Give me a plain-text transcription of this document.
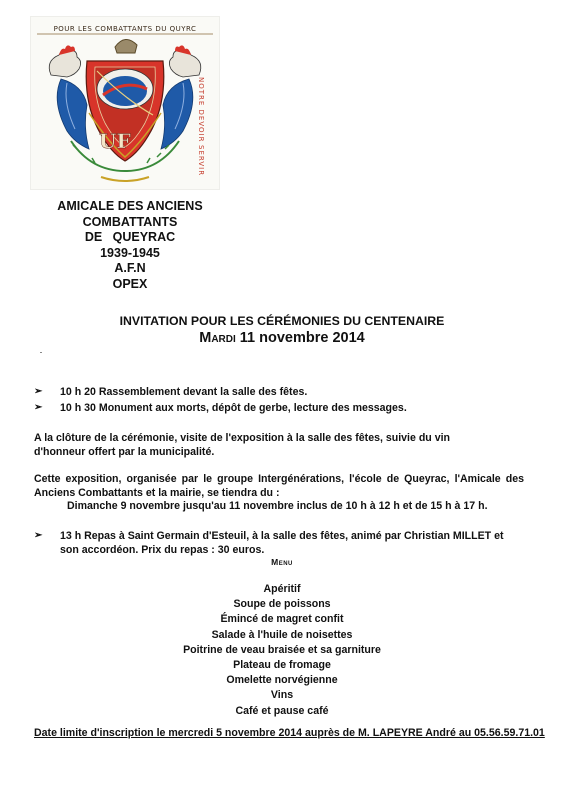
UF
POUR LES COMBATTANTS DU QUYRC
NOTRE DEVOIR
SERVIR
AMICALE DES ANCIENS
COMBATTANTS
DE   QUEYRAC
1939-1945
A.F.N
OPEX
INVITATION POUR LES CÉRÉMONIES DU CENTENAIRE
Mardi 11 novembre 2014
➢ 10 h 20 Rassemblement devant la salle des fêtes.
➢ 10 h 30 Monument aux morts, dépôt de gerbe, lecture des messages.
A la clôture de la cérémonie, visite de l'exposition à la salle des fêtes, suivie du vin d'honneur offert par la municipalité.
Cette exposition, organisée par le groupe Intergénérations, l'école de Queyrac, l'Amicale des Anciens Combattants et la mairie, se tiendra du :
Dimanche 9 novembre jusqu'au 11 novembre inclus de 10 h à 12 h et de 15 h à 17 h.
➢ 13 h Repas à Saint Germain d'Esteuil, à la salle des fêtes, animé par Christian MILLET et son accordéon. Prix du repas : 30 euros.
Menu
Apéritif
Soupe de poissons
Émincé de magret confit
Salade à l'huile de noisettes
Poitrine de veau braisée et sa garniture
Plateau de fromage
Omelette norvégienne
Vins
Café et pause café
Date limite d'inscription le mercredi 5 novembre 2014 auprès de M. LAPEYRE André au 05.56.59.71.01
